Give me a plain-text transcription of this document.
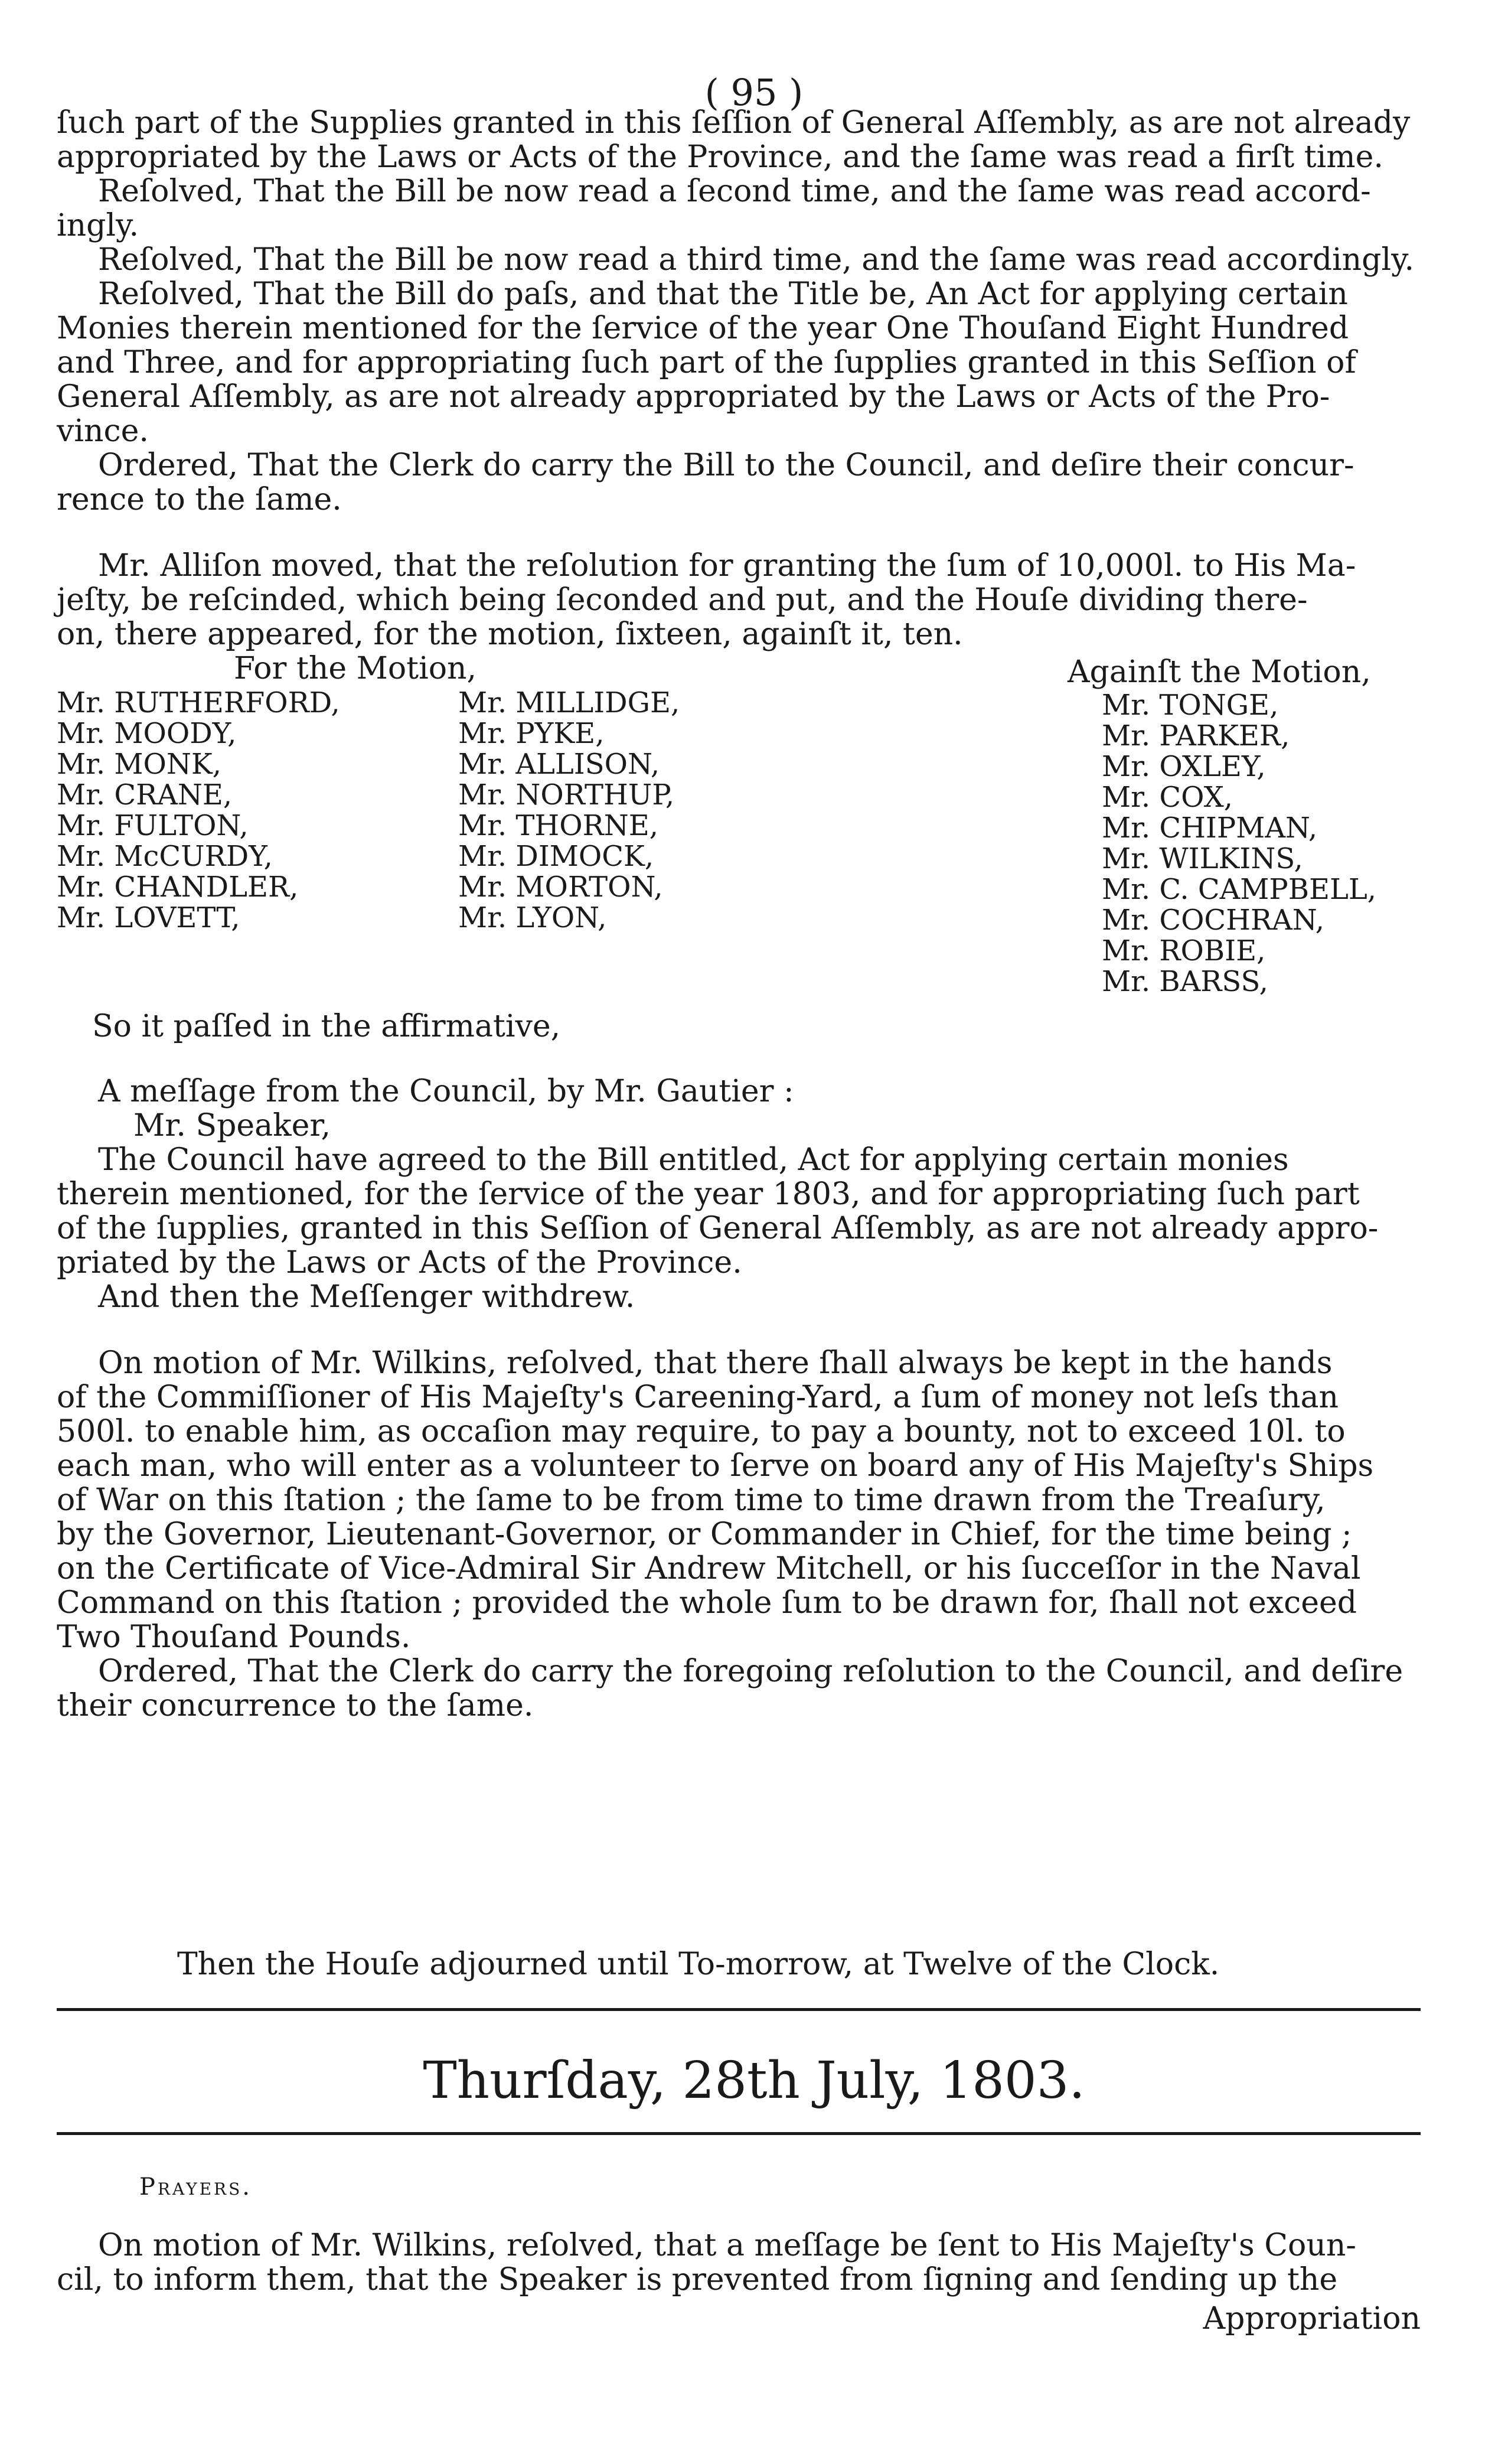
( 95 )
ſuch part of the Supplies granted in this ſeſſion of General Aſſembly, as are not already
appropriated by the Laws or Acts of the Province, and the ſame was read a firſt time.
Reſolved, That the Bill be now read a ſecond time, and the ſame was read accord-
ingly.
Reſolved, That the Bill be now read a third time, and the ſame was read accordingly.
Reſolved, That the Bill do paſs, and that the Title be, An Act for applying certain
Monies therein mentioned for the ſervice of the year One Thouſand Eight Hundred
and Three, and for appropriating ſuch part of the ſupplies granted in this Seſſion of
General Aſſembly, as are not already appropriated by the Laws or Acts of the Pro-
vince.
Ordered, That the Clerk do carry the Bill to the Council, and deſire their concur-
rence to the ſame.
Mr. Alliſon moved, that the reſolution for granting the ſum of 10,000l. to His Ma-
jeſty, be reſcinded, which being ſeconded and put, and the Houſe dividing there-
on, there appeared, for the motion, ſixteen, againſt it, ten.
For the Motion,	Againſt the Motion,
Mr. RUTHERFORD,
Mr. MOODY,
Mr. MONK,
Mr. CRANE,
Mr. FULTON,
Mr. McCURDY,
Mr. CHANDLER,
Mr. LOVETT,
Mr. MILLIDGE,
Mr. PYKE,
Mr. ALLISON,
Mr. NORTHUP,
Mr. THORNE,
Mr. DIMOCK,
Mr. MORTON,
Mr. LYON,
Mr. TONGE,
Mr. PARKER,
Mr. OXLEY,
Mr. COX,
Mr. CHIPMAN,
Mr. WILKINS,
Mr. C. CAMPBELL,
Mr. COCHRAN,
Mr. ROBIE,
Mr. BARSS,
So it paſſed in the affirmative,
A meſſage from the Council, by Mr. Gautier :
Mr. Speaker,
The Council have agreed to the Bill entitled, Act for applying certain monies
therein mentioned, for the ſervice of the year 1803, and for appropriating ſuch part
of the ſupplies, granted in this Seſſion of General Aſſembly, as are not already appro-
priated by the Laws or Acts of the Province.
And then the Meſſenger withdrew.
On motion of Mr. Wilkins, reſolved, that there ſhall always be kept in the hands
of the Commiſſioner of His Majeſty's Careening-Yard, a ſum of money not leſs than
500l. to enable him, as occaſion may require, to pay a bounty, not to exceed 10l. to
each man, who will enter as a volunteer to ſerve on board any of His Majeſty's Ships
of War on this ſtation ; the ſame to be from time to time drawn from the Treaſury,
by the Governor, Lieutenant-Governor, or Commander in Chief, for the time being ;
on the Certificate of Vice-Admiral Sir Andrew Mitchell, or his ſucceſſor in the Naval
Command on this ſtation ; provided the whole ſum to be drawn for, ſhall not exceed
Two Thouſand Pounds.
Ordered, That the Clerk do carry the foregoing reſolution to the Council, and deſire
their concurrence to the ſame.
Then the Houſe adjourned until To-morrow, at Twelve of the Clock.
Thurſday, 28th July, 1803.
Prayers.
On motion of Mr. Wilkins, reſolved, that a meſſage be ſent to His Majeſty's Coun-
cil, to inform them, that the Speaker is prevented from ſigning and ſending up the
Appropriation
